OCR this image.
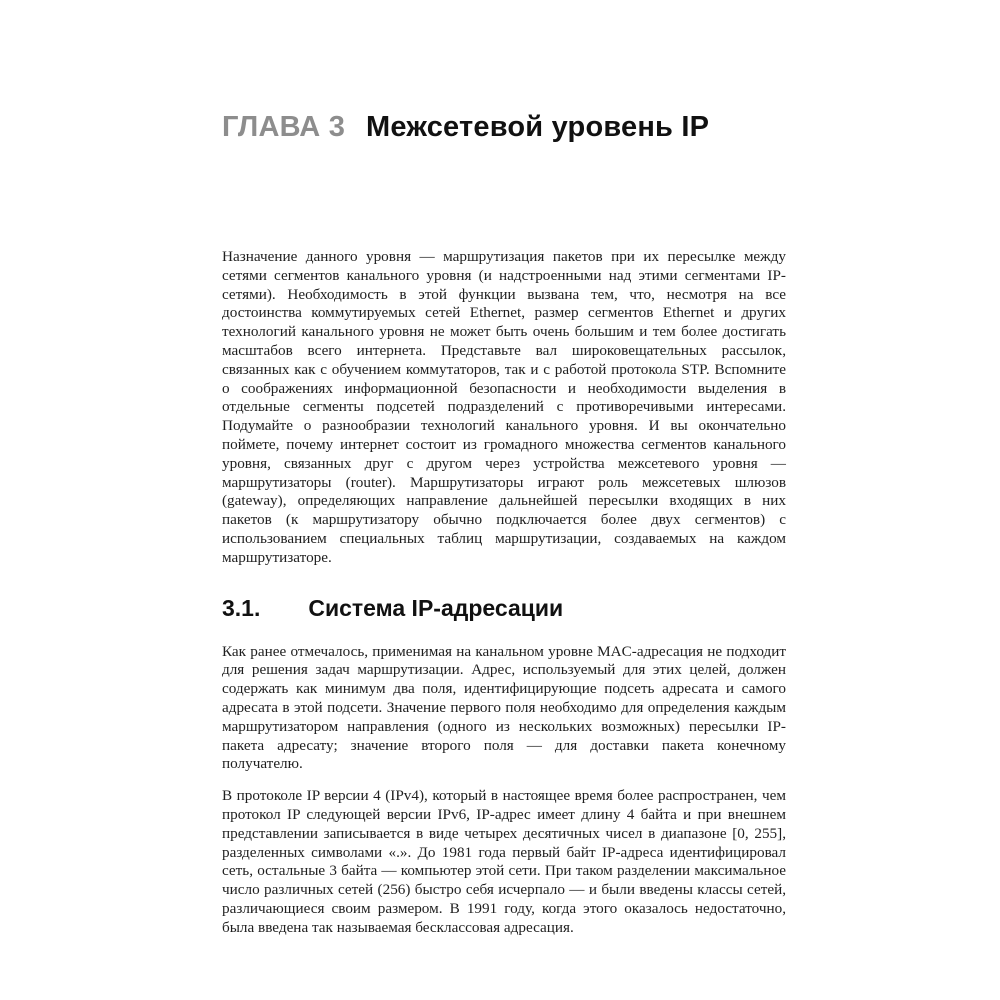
ГЛАВА 3 Межсетевой уровень IP

Назначение данного уровня — маршрутизация пакетов при их пересылке между сетями сегментов канального уровня (и надстроенными над этими сегментами IP-сетями). Необходимость в этой функции вызвана тем, что, несмотря на все достоинства коммутируемых сетей Ethernet, размер сегментов Ethernet и других технологий канального уровня не может быть очень большим и тем более достигать масштабов всего интернета. Представьте вал широковещательных рассылок, связанных как с обучением коммутаторов, так и с работой протокола STP. Вспомните о соображениях информационной безопасности и необходимости выделения в отдельные сегменты подсетей подразделений с противоречивыми интересами. Подумайте о разнообразии технологий канального уровня. И вы окончательно поймете, почему интернет состоит из громадного множества сегментов канального уровня, связанных друг с другом через устройства межсетевого уровня — маршрутизаторы (router). Маршрутизаторы играют роль межсетевых шлюзов (gateway), определяющих направление дальнейшей пересылки входящих в них пакетов (к маршрутизатору обычно подключается более двух сегментов) с использованием специальных таблиц маршрутизации, создаваемых на каждом маршрутизаторе.

3.1. Система IP-адресации

Как ранее отмечалось, применимая на канальном уровне MAC-адресация не подходит для решения задач маршрутизации. Адрес, используемый для этих целей, должен содержать как минимум два поля, идентифицирующие подсеть адресата и самого адресата в этой подсети. Значение первого поля необходимо для определения каждым маршрутизатором направления (одного из нескольких возможных) пересылки IP-пакета адресату; значение второго поля — для доставки пакета конечному получателю.

В протоколе IP версии 4 (IPv4), который в настоящее время более распространен, чем протокол IP следующей версии IPv6, IP-адрес имеет длину 4 байта и при внешнем представлении записывается в виде четырех десятичных чисел в диапазоне [0, 255], разделенных символами «.». До 1981 года первый байт IP-адреса идентифицировал сеть, остальные 3 байта — компьютер этой сети. При таком разделении максимальное число различных сетей (256) быстро себя исчерпало — и были введены классы сетей, различающиеся своим размером. В 1991 году, когда этого оказалось недостаточно, была введена так называемая бесклассовая адресация.
